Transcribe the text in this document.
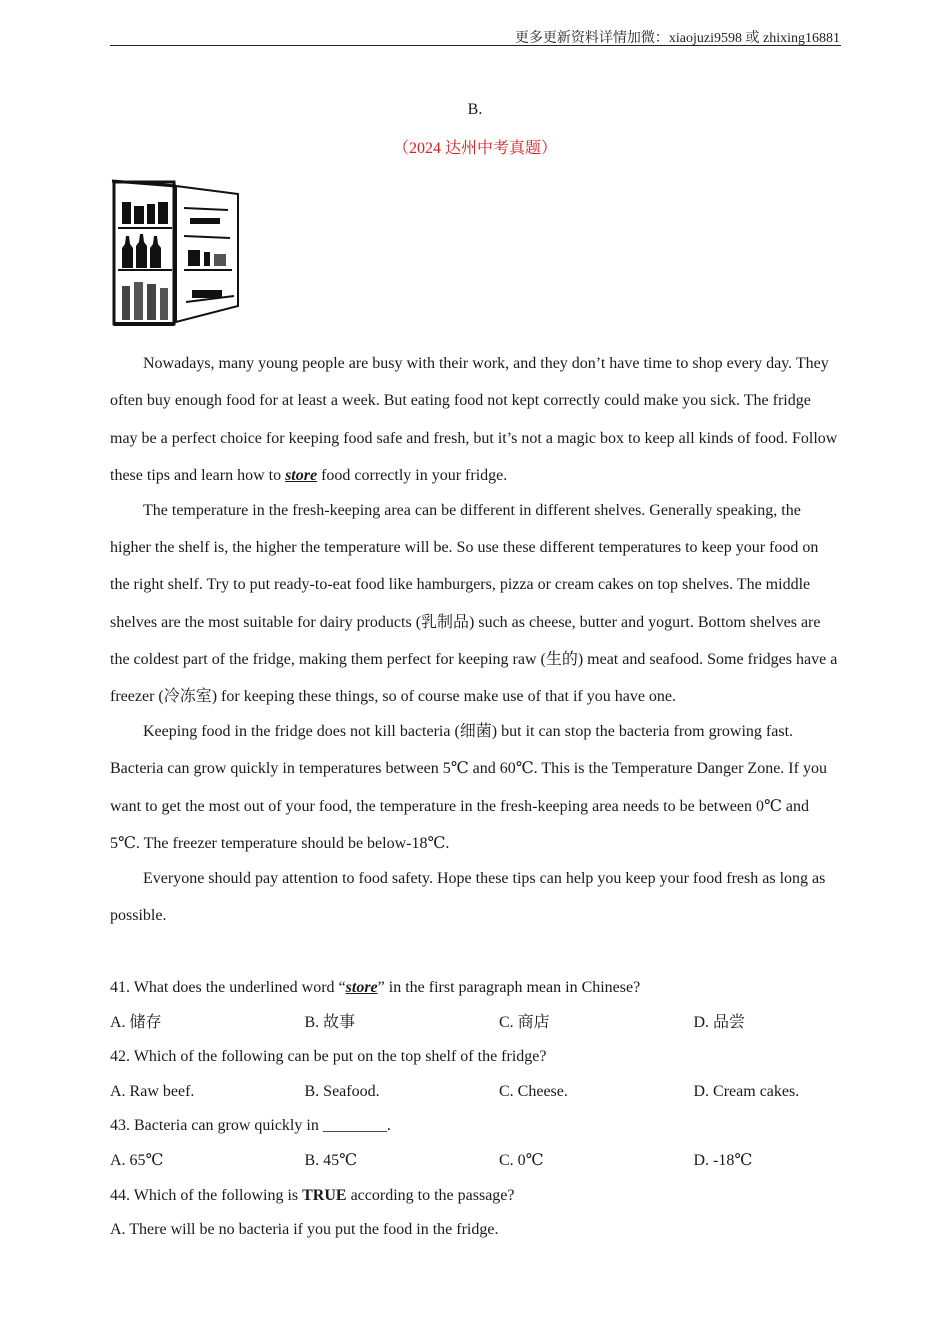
更多更新资料详情加微：xiaojuzi9598 或 zhixing16881
B.
（2024 达州中考真题）

Nowadays, many young people are busy with their work, and they don’t have time to shop every day. They often buy enough food for at least a week. But eating food not kept correctly could make you sick. The fridge may be a perfect choice for keeping food safe and fresh, but it’s not a magic box to keep all kinds of food. Follow these tips and learn how to store food correctly in your fridge.

The temperature in the fresh-keeping area can be different in different shelves. Generally speaking, the higher the shelf is, the higher the temperature will be. So use these different temperatures to keep your food on the right shelf. Try to put ready-to-eat food like hamburgers, pizza or cream cakes on top shelves. The middle shelves are the most suitable for dairy products (乳制品) such as cheese, butter and yogurt. Bottom shelves are the coldest part of the fridge, making them perfect for keeping raw (生的) meat and seafood. Some fridges have a freezer (冷冻室) for keeping these things, so of course make use of that if you have one.

Keeping food in the fridge does not kill bacteria (细菌) but it can stop the bacteria from growing fast. Bacteria can grow quickly in temperatures between 5℃ and 60℃. This is the Temperature Danger Zone. If you want to get the most out of your food, the temperature in the fresh-keeping area needs to be between 0℃ and 5℃. The freezer temperature should be below-18℃.

Everyone should pay attention to food safety. Hope these tips can help you keep your food fresh as long as possible.

41. What does the underlined word “store” in the first paragraph mean in Chinese?
A. 储存	B. 故事	C. 商店	D. 品尝
42. Which of the following can be put on the top shelf of the fridge?
A. Raw beef.	B. Seafood.	C. Cheese.	D. Cream cakes.
43. Bacteria can grow quickly in ________.
A. 65℃	B. 45℃	C. 0℃	D. -18℃
44. Which of the following is TRUE according to the passage?
A. There will be no bacteria if you put the food in the fridge.
